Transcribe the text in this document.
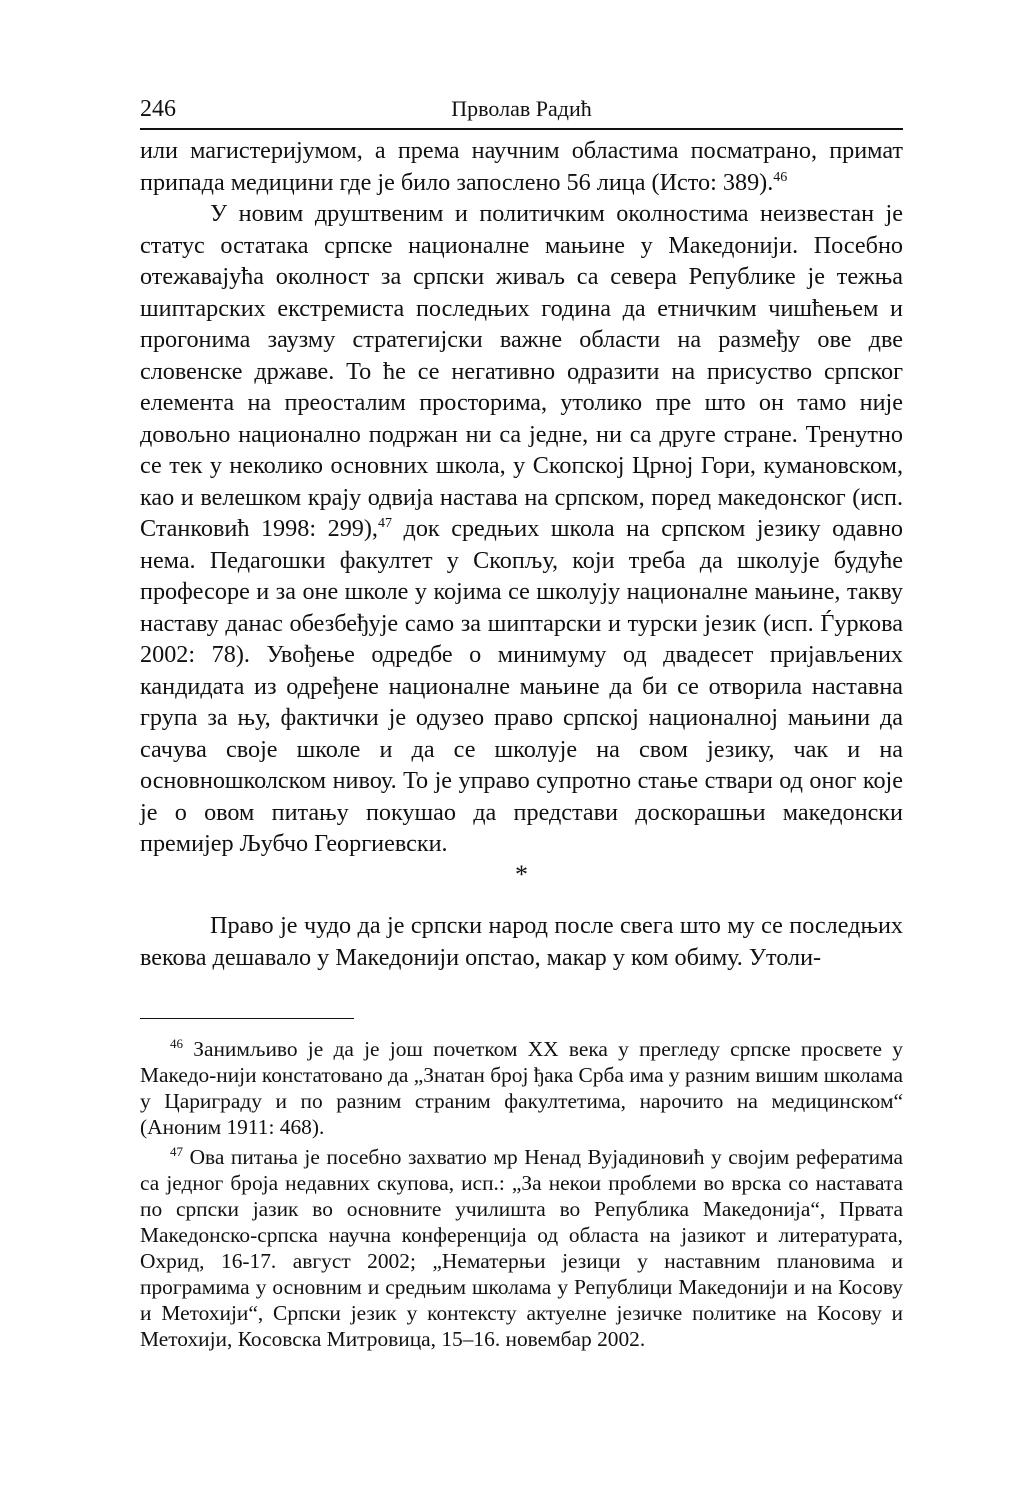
246	Прволав Радић

или магистеријумом, а према научним областима посматрано, примат припада медицини где је било запослено 56 лица (Исто: 389).$^{46}$

У новим друштвеним и политичким околностима неизвестан је статус остатака српске националне мањине у Македонији. Посебно отежавајућа околност за српски живаљ са севера Републике је тежња шиптарских екстремиста последњих година да етничким чишћењем и прогонима заузму стратегијски важне области на размеђу ове две словенске државе. То ће се негативно одразити на присуство српског елемента на преосталим просторима, утолико пре што он тамо није довољно национално подржан ни са једне, ни са друге стране. Тренутно се тек у неколико основних школа, у Скопској Црној Гори, кумановском, као и велешком крају одвија настава на српском, поред македонског (исп. Станковић 1998: 299),$^{47}$ док средњих школа на српском језику одавно нема. Педагошки факултет у Скопљу, који треба да школује будуће професоре и за оне школе у којима се школују националне мањине, такву наставу данас обезбеђује само за шиптарски и турски језик (исп. Ѓуркова 2002: 78). Увођење одредбе о минимуму од двадесет пријављених кандидата из одређене националне мањине да би се отворила наставна група за њу, фактички је одузео право српској националној мањини да сачува своје школе и да се школује на свом језику, чак и на основношколском нивоу. То је управо супротно стање ствари од оног које је о овом питању покушао да представи доскорашњи македонски премијер Љубчо Георгиевски.

*

Право је чудо да је српски народ после свега што му се последњих векова дешавало у Македонији опстао, макар у ком обиму. Утоли-

$^{46}$ Занимљиво је да је још почетком XX века у прегледу српске просвете у Македо-нији констатовано да „Знатан број ђака Срба има у разним вишим школама у Цариграду и по разним страним факултетима, нарочито на медицинском“ (Аноним 1911: 468).

$^{47}$ Ова питања је посебно захватио мр Ненад Вујадиновић у својим рефератима са једног броја недавних скупова, исп.: „За некои проблеми во врска со наставата по српски јазик во основните училишта во Република Македонија“, Првата Македонско-српска научна конференција од областа на јазикот и литературата, Охрид, 16-17. август 2002; „Нематерњи језици у наставним плановима и програмима у основним и средњим школама у Републици Македонији и на Косову и Метохији“, Српски језик у контексту актуелне језичке политике на Косову и Метохији, Косовска Митровица, 15–16. новембар 2002.
